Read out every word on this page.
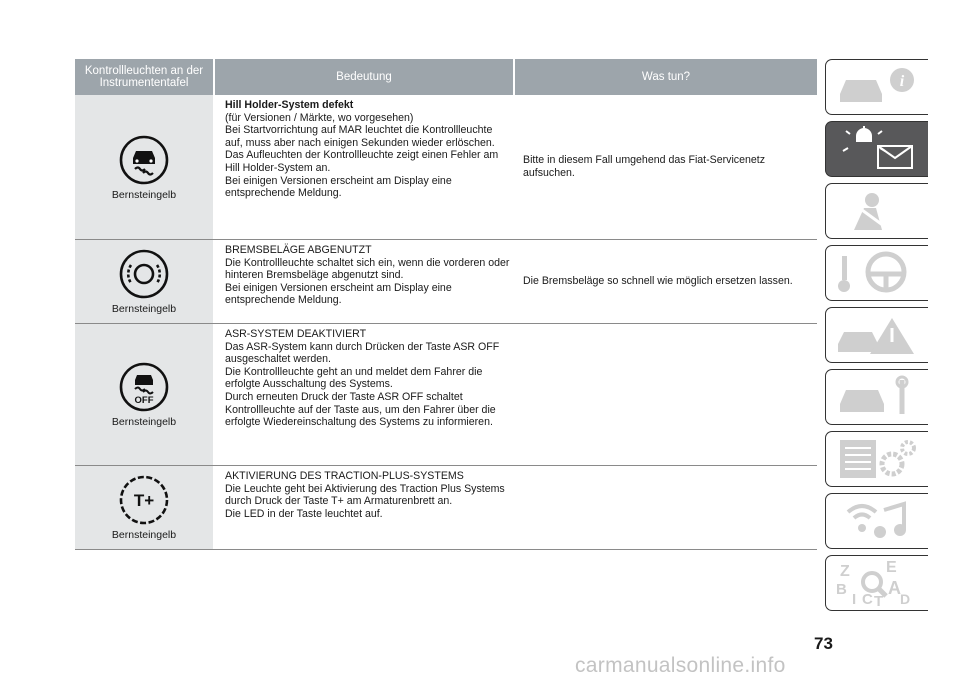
Kontrollleuchten an der Instrumententafel	Bedeutung	Was tun?
Bernsteingelb

Hill Holder-System defekt

(für Versionen / Märkte, wo vorgesehen)
Bei Startvorrichtung auf MAR leuchtet die Kontrollleuchte auf, muss aber nach einigen Sekunden wieder erlöschen.
Das Aufleuchten der Kontrollleuchte zeigt einen Fehler am Hill Holder-System an.
Bei einigen Versionen erscheint am Display eine entsprechende Meldung.

Bitte in diesem Fall umgehend das Fiat-Servicenetz aufsuchen.
Bernsteingelb

BREMSBELÄGE ABGENUTZT
Die Kontrollleuchte schaltet sich ein, wenn die vorderen oder hinteren Bremsbeläge abgenutzt sind.
Bei einigen Versionen erscheint am Display eine entsprechende Meldung.

Die Bremsbeläge so schnell wie möglich ersetzen lassen.
OFF
Bernsteingelb

ASR-SYSTEM DEAKTIVIERT
Das ASR-System kann durch Drücken der Taste ASR OFF ausgeschaltet werden.
Die Kontrollleuchte geht an und meldet dem Fahrer die erfolgte Ausschaltung des Systems.
Durch erneuten Druck der Taste ASR OFF schaltet Kontrollleuchte auf der Taste aus, um den Fahrer über die erfolgte Wiedereinschaltung des Systems zu informieren.

T+
Bernsteingelb

AKTIVIERUNG DES TRACTION-PLUS-SYSTEMS
Die Leuchte geht bei Aktivierung des Traction Plus Systems durch Druck der Taste T+ am Armaturenbrett an.
Die LED in der Taste leuchtet auf.

i
Z E
B A
I C D
T
73
carmanualsonline.info
